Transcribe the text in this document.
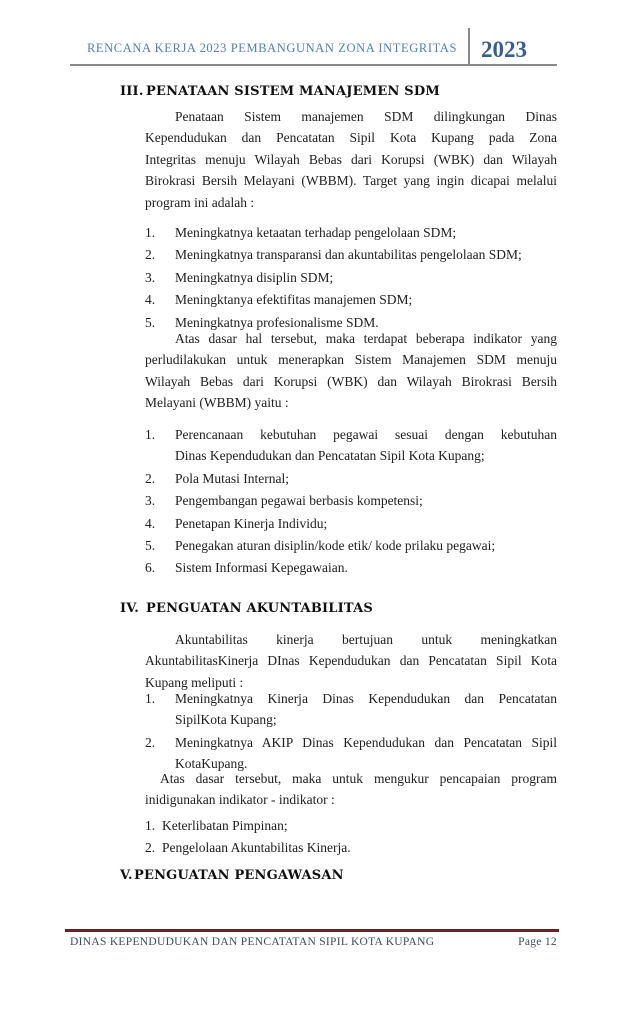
RENCANA KERJA 2023 PEMBANGUNAN ZONA INTEGRITAS	2023
III. PENATAAN SISTEM MANAJEMEN SDM
Penataan Sistem manajemen SDM dilingkungan Dinas
Kependudukan dan Pencatatan Sipil Kota Kupang pada Zona
Integritas menuju Wilayah Bebas dari Korupsi (WBK) dan Wilayah
Birokrasi Bersih Melayani (WBBM). Target yang ingin dicapai melalui
program ini adalah :
1.	Meningkatnya ketaatan terhadap pengelolaan SDM;
2.	Meningkatnya transparansi dan akuntabilitas pengelolaan SDM;
3.	Meningkatnya disiplin SDM;
4.	Meningktanya efektifitas manajemen SDM;
5.	Meningkatnya profesionalisme SDM.
Atas dasar hal tersebut, maka terdapat beberapa indikator yang
perludilakukan untuk menerapkan Sistem Manajemen SDM menuju
Wilayah Bebas dari Korupsi (WBK) dan Wilayah Birokrasi Bersih
Melayani (WBBM) yaitu :
1.	Perencanaan kebutuhan pegawai sesuai dengan kebutuhan
Dinas Kependudukan dan Pencatatan Sipil Kota Kupang;
2.	Pola Mutasi Internal;
3.	Pengembangan pegawai berbasis kompetensi;
4.	Penetapan Kinerja Individu;
5.	Penegakan aturan disiplin/kode etik/ kode prilaku pegawai;
6.	Sistem Informasi Kepegawaian.
IV. PENGUATAN AKUNTABILITAS
Akuntabilitas kinerja bertujuan untuk meningkatkan
AkuntabilitasKinerja DInas Kependudukan dan Pencatatan Sipil Kota
Kupang meliputi :
1.	Meningkatnya Kinerja Dinas Kependudukan dan Pencatatan
SipilKota Kupang;
2.	Meningkatnya AKIP Dinas Kependudukan dan Pencatatan Sipil
KotaKupang.
Atas dasar tersebut, maka untuk mengukur pencapaian program
inidigunakan indikator - indikator :
1. Keterlibatan Pimpinan;
2. Pengelolaan Akuntabilitas Kinerja.
V. PENGUATAN PENGAWASAN
DINAS KEPENDUDUKAN DAN PENCATATAN SIPIL KOTA KUPANG	Page 12
